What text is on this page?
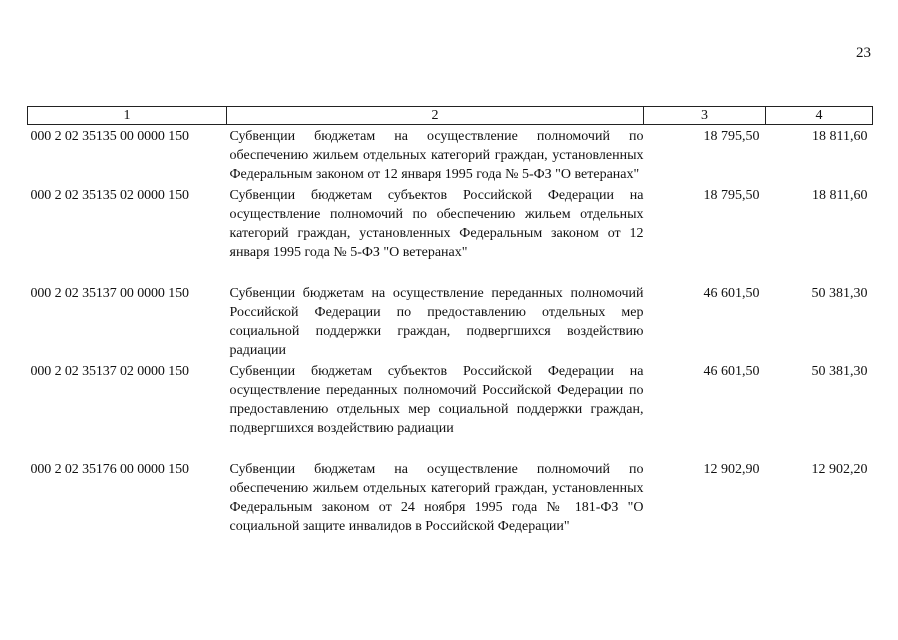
23
1	2	3	4
000 2 02 35135 00 0000 150	Субвенции бюджетам на осуществление полномочий по обеспечению жильем отдельных категорий граждан, установленных Федеральным законом от 12 января 1995 года № 5-ФЗ "О ветеранах"	18 795,50	18 811,60
000 2 02 35135 02 0000 150	Субвенции бюджетам субъектов Российской Федерации на осуществление полномочий по обеспечению жильем отдельных категорий граждан, установленных Федеральным законом от 12 января 1995 года № 5-ФЗ "О ветеранах"	18 795,50	18 811,60
000 2 02 35137 00 0000 150	Субвенции бюджетам на осуществление переданных полномочий Российской Федерации по предоставлению отдельных мер социальной поддержки граждан, подвергшихся воздействию радиации	46 601,50	50 381,30
000 2 02 35137 02 0000 150	Субвенции бюджетам субъектов Российской Федерации на осуществление переданных полномочий Российской Федерации по предоставлению отдельных мер социальной поддержки граждан, подвергшихся воздействию радиации	46 601,50	50 381,30
000 2 02 35176 00 0000 150	Субвенции бюджетам на осуществление полномочий по обеспечению жильем отдельных категорий граждан, установленных Федеральным законом от 24 ноября 1995 года № 181-ФЗ "О социальной защите инвалидов в Российской Федерации"	12 902,90	12 902,20
